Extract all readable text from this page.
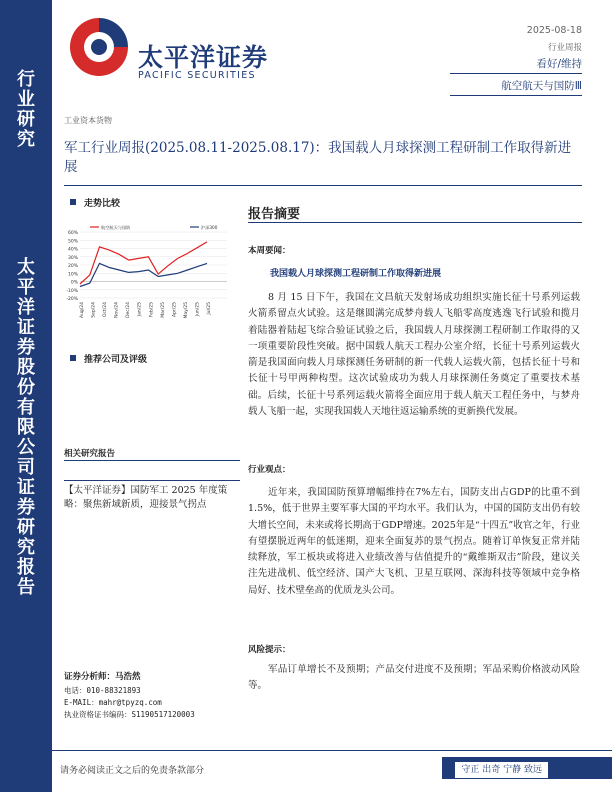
行
业
研
究
太
平
洋
证
券
股
份
有
限
公
司
证
券
研
究
报
告
太平洋证券
PACIFIC SECURITIES
2025-08-18
行业周报
看好/维持
航空航天与国防Ⅲ
工业资本货物
军工行业周报(2025.08.11-2025.08.17)：我国载人月球探测工程研制工作取得新进展
走势比较
60%
50%
40%
30%
20%
10%
0%
-10%
-20%
Aug/24 Sep/24 Oct/24 Nov/24 Dec/24 Jan/25 Feb/25 Mar/25 Apr/25 May/25 Jun/25 Jul/25
航空航天与国防	沪深300
推荐公司及评级
相关研究报告
【太平洋证券】国防军工 2025 年度策略：聚焦新域新质，迎接景气拐点
证券分析师：马浩然
电话：010-88321893
E-MAIL：mahr@tpyzq.com
执业资格证书编码：S1190517120003
报告摘要
本周要闻：
我国载人月球探测工程研制工作取得新进展
8 月 15 日下午，我国在文昌航天发射场成功组织实施长征十号系列运载火箭系留点火试验。这是继圆满完成梦舟载人飞船零高度逃逸飞行试验和揽月着陆器着陆起飞综合验证试验之后，我国载人月球探测工程研制工作取得的又一项重要阶段性突破。据中国载人航天工程办公室介绍，长征十号系列运载火箭是我国面向载人月球探测任务研制的新一代载人运载火箭，包括长征十号和长征十号甲两种构型。这次试验成功为载人月球探测任务奠定了重要技术基础。后续，长征十号系列运载火箭将全面应用于载人航天工程任务中，与梦舟载人飞船一起，实现我国载人天地往返运输系统的更新换代发展。
行业观点：
近年来，我国国防预算增幅维持在7%左右，国防支出占GDP的比重不到1.5%，低于世界主要军事大国的平均水平。我们认为，中国的国防支出仍有较大增长空间，未来或将长期高于GDP增速。2025年是“十四五”收官之年，行业有望摆脱近两年的低迷期，迎来全面复苏的景气拐点。随着订单恢复正常并陆续释放，军工板块或将进入业绩改善与估值提升的“戴维斯双击”阶段，建议关注先进战机、低空经济、国产大飞机、卫星互联网、深海科技等领域中竞争格局好、技术壁垒高的优质龙头公司。
风险提示：
军品订单增长不及预期；产品交付进度不及预期；军品采购价格波动风险等。
请务必阅读正文之后的免责条款部分	守正 出奇 宁静 致远
